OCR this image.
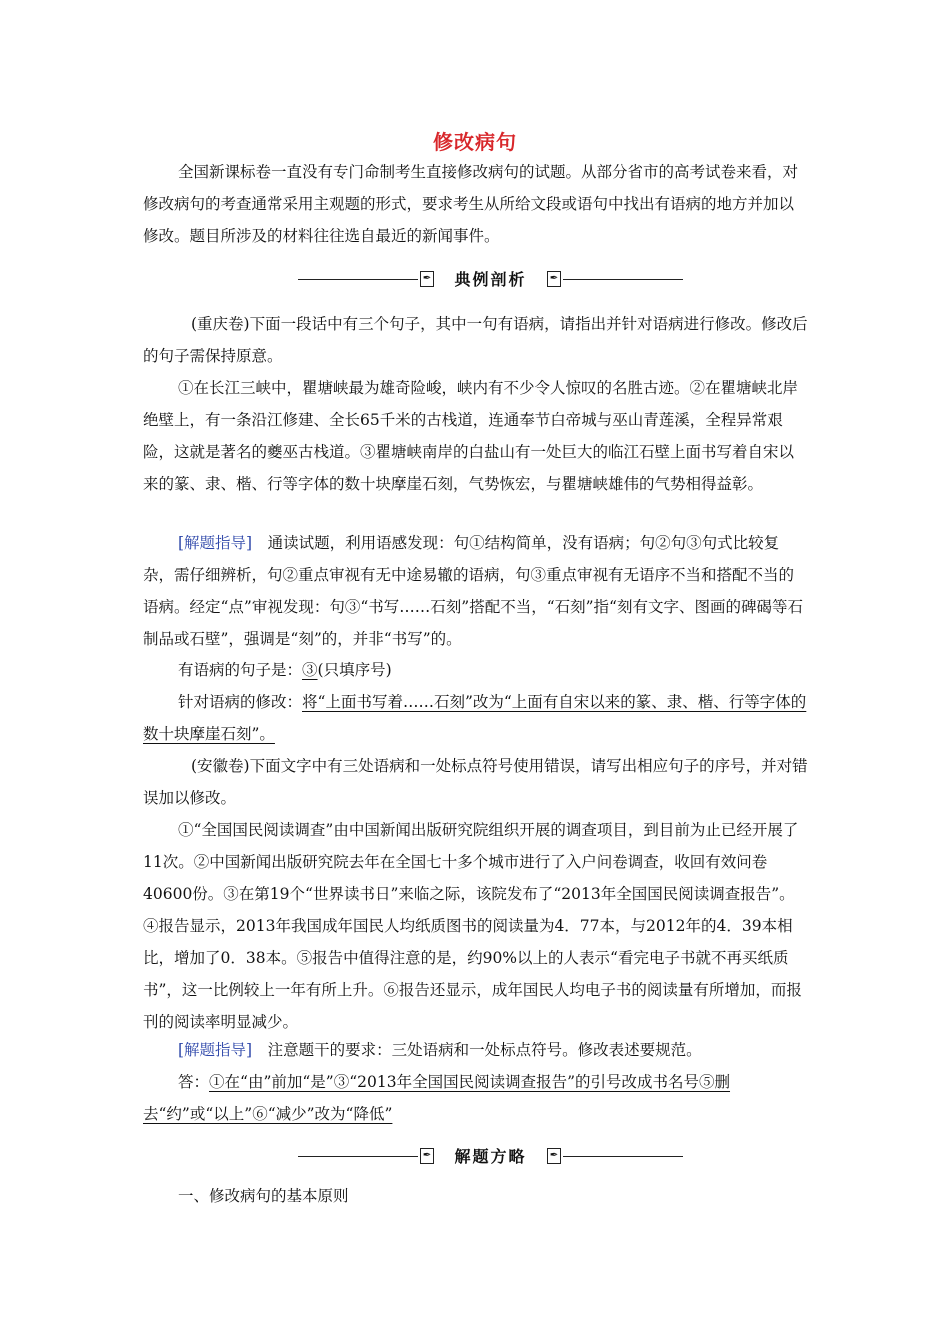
修改病句

全国新课标卷一直没有专门命制考生直接修改病句的试题。从部分省市的高考试卷来看，对修改病句的考查通常采用主观题的形式，要求考生从所给文段或语句中找出有语病的地方并加以修改。题目所涉及的材料往往选自最近的新闻事件。

✒	典例剖析	✒

(重庆卷)下面一段话中有三个句子，其中一句有语病，请指出并针对语病进行修改。修改后的句子需保持原意。

①在长江三峡中，瞿塘峡最为雄奇险峻，峡内有不少令人惊叹的名胜古迹。②在瞿塘峡北岸绝壁上，有一条沿江修建、全长65千米的古栈道，连通奉节白帝城与巫山青莲溪，全程异常艰险，这就是著名的夔巫古栈道。③瞿塘峡南岸的白盐山有一处巨大的临江石壁上面书写着自宋以来的篆、隶、楷、行等字体的数十块摩崖石刻，气势恢宏，与瞿塘峡雄伟的气势相得益彰。

[解题指导]　 通读试题，利用语感发现：句①结构简单，没有语病；句②句③句式比较复杂，需仔细辨析，句②重点审视有无中途易辙的语病，句③重点审视有无语序不当和搭配不当的语病。经定“点”审视发现：句③“书写……石刻”搭配不当，“石刻”指“刻有文字、图画的碑碣等石制品或石壁”，强调是“刻”的，并非“书写”的。

有语病的句子是：③(只填序号)

针对语病的修改：将“上面书写着……石刻”改为“上面有自宋以来的篆、隶、楷、行等字体的数十块摩崖石刻”。

(安徽卷)下面文字中有三处语病和一处标点符号使用错误，请写出相应句子的序号，并对错误加以修改。

①“全国国民阅读调查”由中国新闻出版研究院组织开展的调查项目，到目前为止已经开展了11次。②中国新闻出版研究院去年在全国七十多个城市进行了入户问卷调查，收回有效问卷40600份。③在第19个“世界读书日”来临之际，该院发布了“2013年全国国民阅读调查报告”。④报告显示，2013年我国成年国民人均纸质图书的阅读量为4．77本，与2012年的4．39本相比，增加了0．38本。⑤报告中值得注意的是，约90%以上的人表示“看完电子书就不再买纸质书”，这一比例较上一年有所上升。⑥报告还显示，成年国民人均电子书的阅读量有所增加，而报刊的阅读率明显减少。

[解题指导]　 注意题干的要求：三处语病和一处标点符号。修改表述要规范。

答：①在“由”前加“是”③“2013年全国国民阅读调查报告”的引号改成书名号⑤删去“约”或“以上”⑥“减少”改为“降低”

✒	解题方略	✒

一、修改病句的基本原则
